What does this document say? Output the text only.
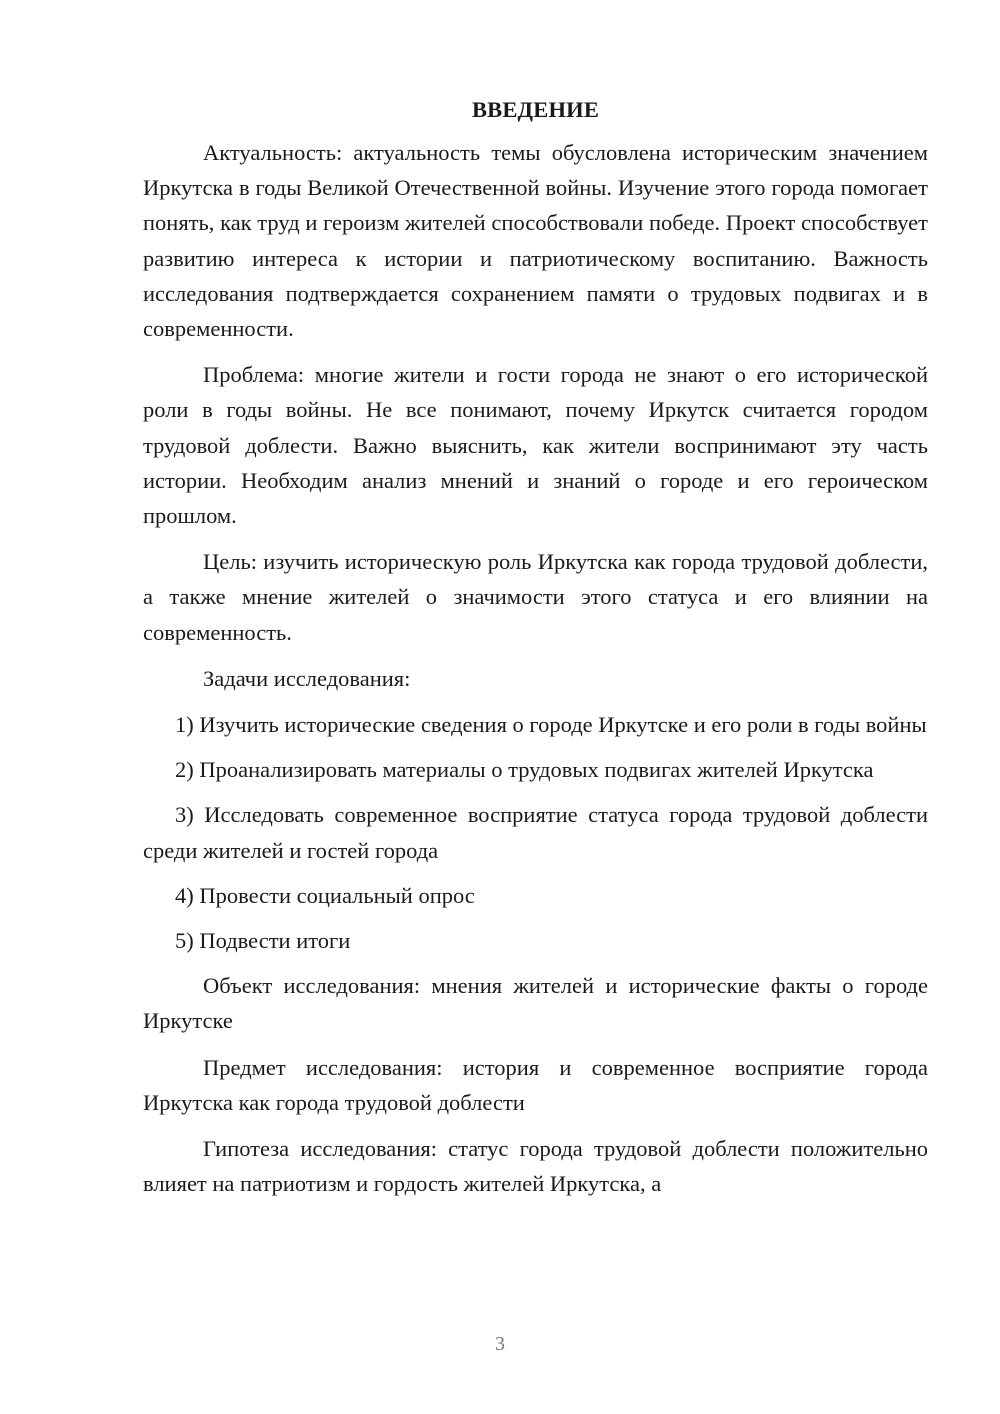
ВВЕДЕНИЕ

Актуальность: актуальность темы обусловлена историческим значением Иркутска в годы Великой Отечественной войны. Изучение этого города помогает понять, как труд и героизм жителей способствовали победе. Проект способствует развитию интереса к истории и патриотическому воспитанию. Важность исследования подтверждается сохранением памяти о трудовых подвигах и в современности.

Проблема: многие жители и гости города не знают о его исторической роли в годы войны. Не все понимают, почему Иркутск считается городом трудовой доблести. Важно выяснить, как жители воспринимают эту часть истории. Необходим анализ мнений и знаний о городе и его героическом прошлом.

Цель: изучить историческую роль Иркутска как города трудовой доблести, а также мнение жителей о значимости этого статуса и его влиянии на современность.

Задачи исследования:

1) Изучить исторические сведения о городе Иркутске и его роли в годы войны

2) Проанализировать материалы о трудовых подвигах жителей Иркутска

3) Исследовать современное восприятие статуса города трудовой доблести среди жителей и гостей города

4) Провести социальный опрос

5) Подвести итоги

Объект исследования: мнения жителей и исторические факты о городе Иркутске

Предмет исследования: история и современное восприятие города Иркутска как города трудовой доблести

Гипотеза исследования: статус города трудовой доблести положительно влияет на патриотизм и гордость жителей Иркутска, а

3
